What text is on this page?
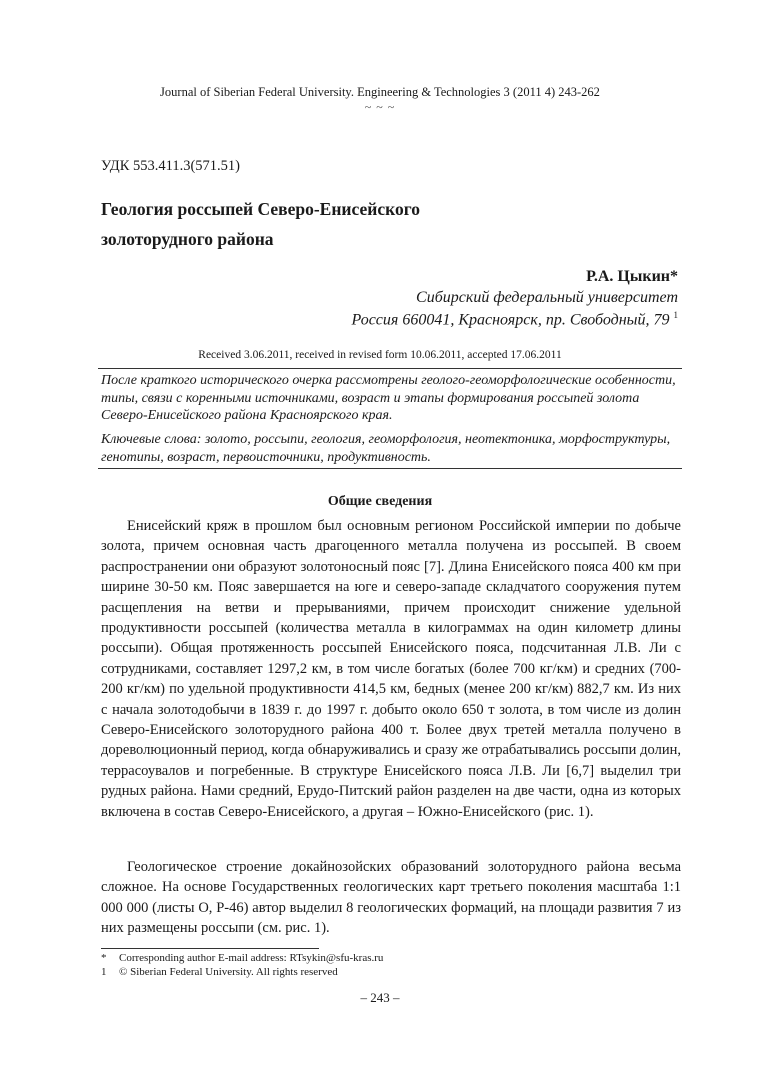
Journal of Siberian Federal University. Engineering & Technologies 3 (2011 4) 243-262
~ ~ ~
УДК 553.411.3(571.51)
Геология россыпей Северо-Енисейского
золоторудного района
Р.А. Цыкин*
Сибирский федеральный университет
Россия 660041, Красноярск, пр. Свободный, 79 $^1$
Received 3.06.2011, received in revised form 10.06.2011, accepted 17.06.2011
После краткого исторического очерка рассмотрены геолого-геоморфологические особенности, типы, связи с коренными источниками, возраст и этапы формирования россыпей золота Северо-Енисейского района Красноярского края.
Ключевые слова: золото, россыпи, геология, геоморфология, неотектоника, морфоструктуры, генотипы, возраст, первоисточники, продуктивность.
Общие сведения

Енисейский кряж в прошлом был основным регионом Российской империи по добыче золота, причем основная часть драгоценного металла получена из россыпей. В своем распространении они образуют золотоносный пояс [7]. Длина Енисейского пояса 400 км при ширине 30-50 км. Пояс завершается на юге и северо-западе складчатого сооружения путем расщепления на ветви и прерываниями, причем происходит снижение удельной продуктивности россыпей (количества металла в килограммах на один километр длины россыпи). Общая протяженность россыпей Енисейского пояса, подсчитанная Л.В. Ли с сотрудниками, составляет 1297,2 км, в том числе богатых (более 700 кг/км) и средних (700-200 кг/км) по удельной продуктивности 414,5 км, бедных (менее 200 кг/км) 882,7 км. Из них с начала золотодобычи в 1839 г. до 1997 г. добыто около 650 т золота, в том числе из долин Северо-Енисейского золоторудного района 400 т. Более двух третей металла получено в дореволюционный период, когда обнаруживались и сразу же отрабатывались россыпи долин, террасоувалов и погребенные. В структуре Енисейского пояса Л.В. Ли [6,7] выделил три рудных района. Нами средний, Ерудо-Питский район разделен на две части, одна из которых включена в состав Северо-Енисейского, а другая – Южно-Енисейского (рис. 1).

Геологическое строение докайнозойских образований золоторудного района весьма сложное. На основе Государственных геологических карт третьего поколения масштаба 1:1 000 000 (листы О, Р-46) автор выделил 8 геологических формаций, на площади развития 7 из них размещены россыпи (см. рис. 1).

* Corresponding author E-mail address: RTsykin@sfu-kras.ru
1 © Siberian Federal University. All rights reserved
– 243 –
